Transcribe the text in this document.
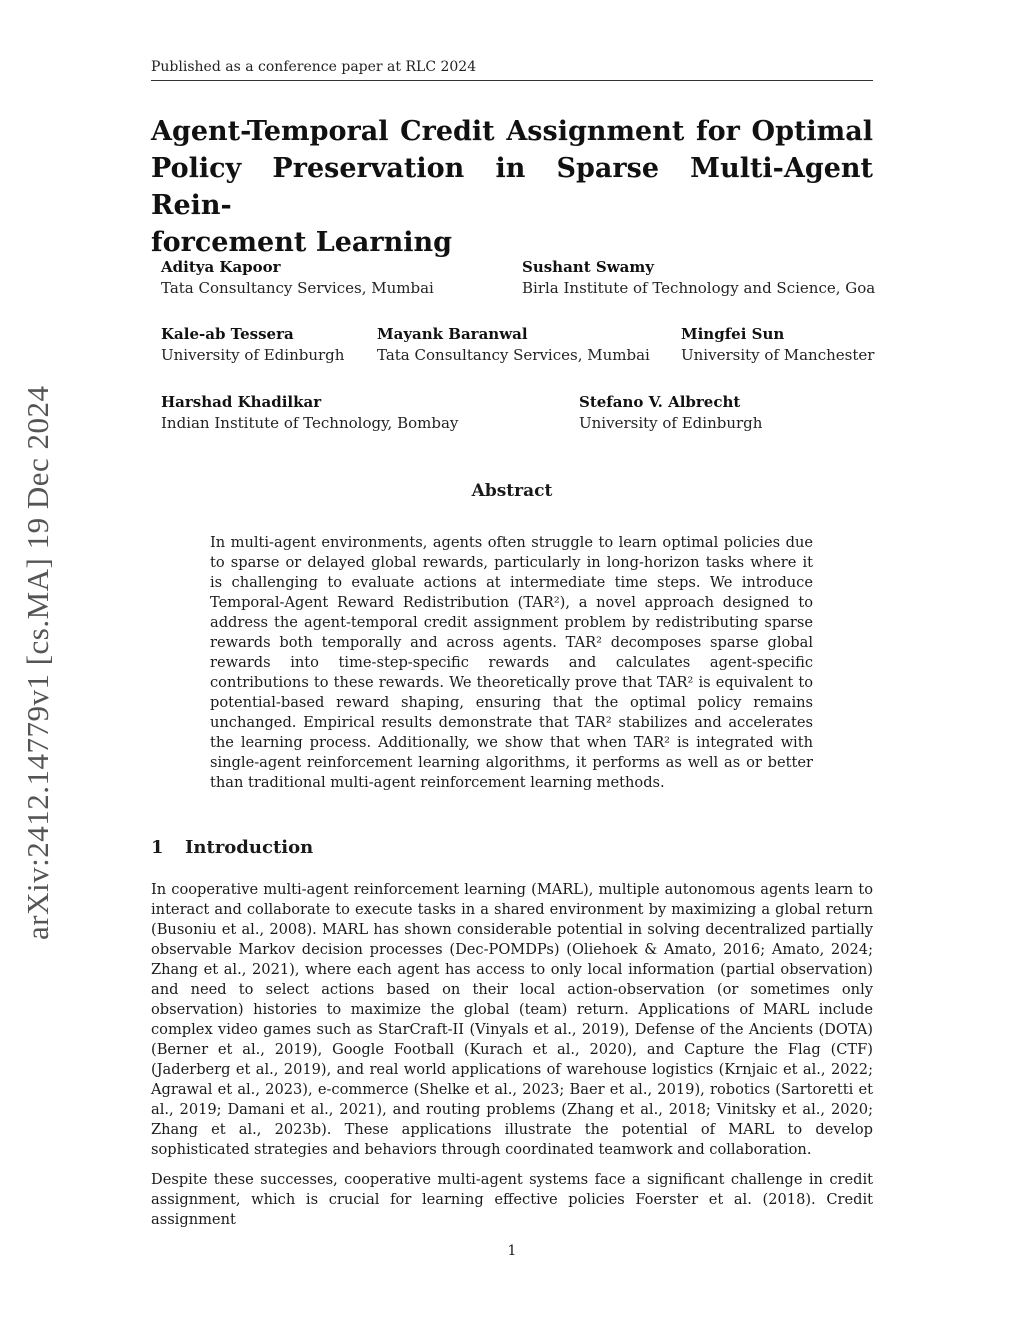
Published as a conference paper at RLC 2024
arXiv:2412.14779v1 [cs.MA] 19 Dec 2024
Agent-Temporal Credit Assignment for Optimal
Policy Preservation in Sparse Multi-Agent Rein-
forcement Learning
Aditya Kapoor
Tata Consultancy Services, Mumbai
Sushant Swamy
Birla Institute of Technology and Science, Goa
Kale-ab Tessera
University of Edinburgh
Mayank Baranwal
Tata Consultancy Services, Mumbai
Mingfei Sun
University of Manchester
Harshad Khadilkar
Indian Institute of Technology, Bombay
Stefano V. Albrecht
University of Edinburgh
Abstract
In multi-agent environments, agents often struggle to learn optimal policies due to sparse or delayed global rewards, particularly in long-horizon tasks where it is challenging to evaluate actions at intermediate time steps. We introduce Temporal-Agent Reward Redistribution (TAR²), a novel approach designed to address the agent-temporal credit assignment problem by redistributing sparse rewards both temporally and across agents. TAR² decomposes sparse global rewards into time-step-specific rewards and calculates agent-specific contributions to these rewards. We theoretically prove that TAR² is equivalent to potential-based reward shaping, ensuring that the optimal policy remains unchanged. Empirical results demonstrate that TAR² stabilizes and accelerates the learning process. Additionally, we show that when TAR² is integrated with single-agent reinforcement learning algorithms, it performs as well as or better than traditional multi-agent reinforcement learning methods.
1 Introduction
In cooperative multi-agent reinforcement learning (MARL), multiple autonomous agents learn to interact and collaborate to execute tasks in a shared environment by maximizing a global return (Busoniu et al., 2008). MARL has shown considerable potential in solving decentralized partially observable Markov decision processes (Dec-POMDPs) (Oliehoek & Amato, 2016; Amato, 2024; Zhang et al., 2021), where each agent has access to only local information (partial observation) and need to select actions based on their local action-observation (or sometimes only observation) histories to maximize the global (team) return. Applications of MARL include complex video games such as StarCraft-II (Vinyals et al., 2019), Defense of the Ancients (DOTA) (Berner et al., 2019), Google Football (Kurach et al., 2020), and Capture the Flag (CTF) (Jaderberg et al., 2019), and real world applications of warehouse logistics (Krnjaic et al., 2022; Agrawal et al., 2023), e-commerce (Shelke et al., 2023; Baer et al., 2019), robotics (Sartoretti et al., 2019; Damani et al., 2021), and routing problems (Zhang et al., 2018; Vinitsky et al., 2020; Zhang et al., 2023b). These applications illustrate the potential of MARL to develop sophisticated strategies and behaviors through coordinated teamwork and collaboration.
Despite these successes, cooperative multi-agent systems face a significant challenge in credit assignment, which is crucial for learning effective policies Foerster et al. (2018). Credit assignment
1
